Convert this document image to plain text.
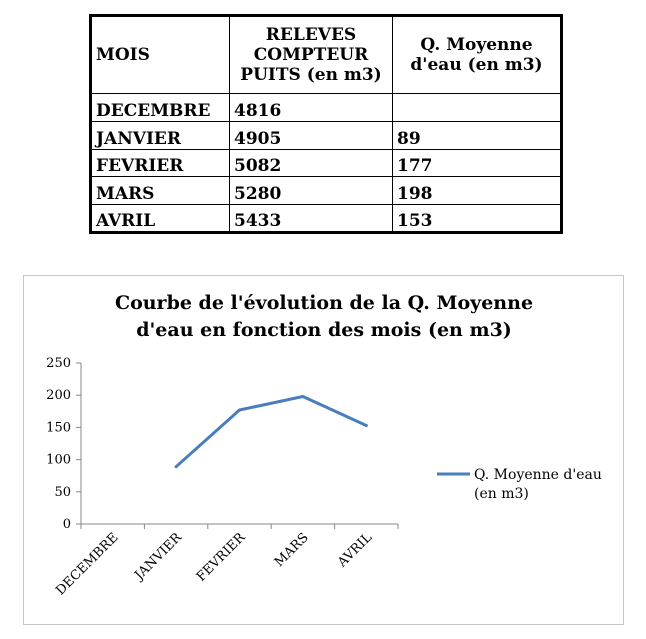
MOIS	RELEVES COMPTEUR PUITS (en m3)	Q. Moyenne d'eau (en m3)
DECEMBRE	4816	
JANVIER	4905	89
FEVRIER	5082	177
MARS	5280	198
AVRIL	5433	153
Courbe de l'évolution de la Q. Moyenne
d'eau en fonction des mois (en m3)
0
50
100
150
200
250
DECEMBRE JANVIER FEVRIER MARS AVRIL
Q. Moyenne d'eau
(en m3)
